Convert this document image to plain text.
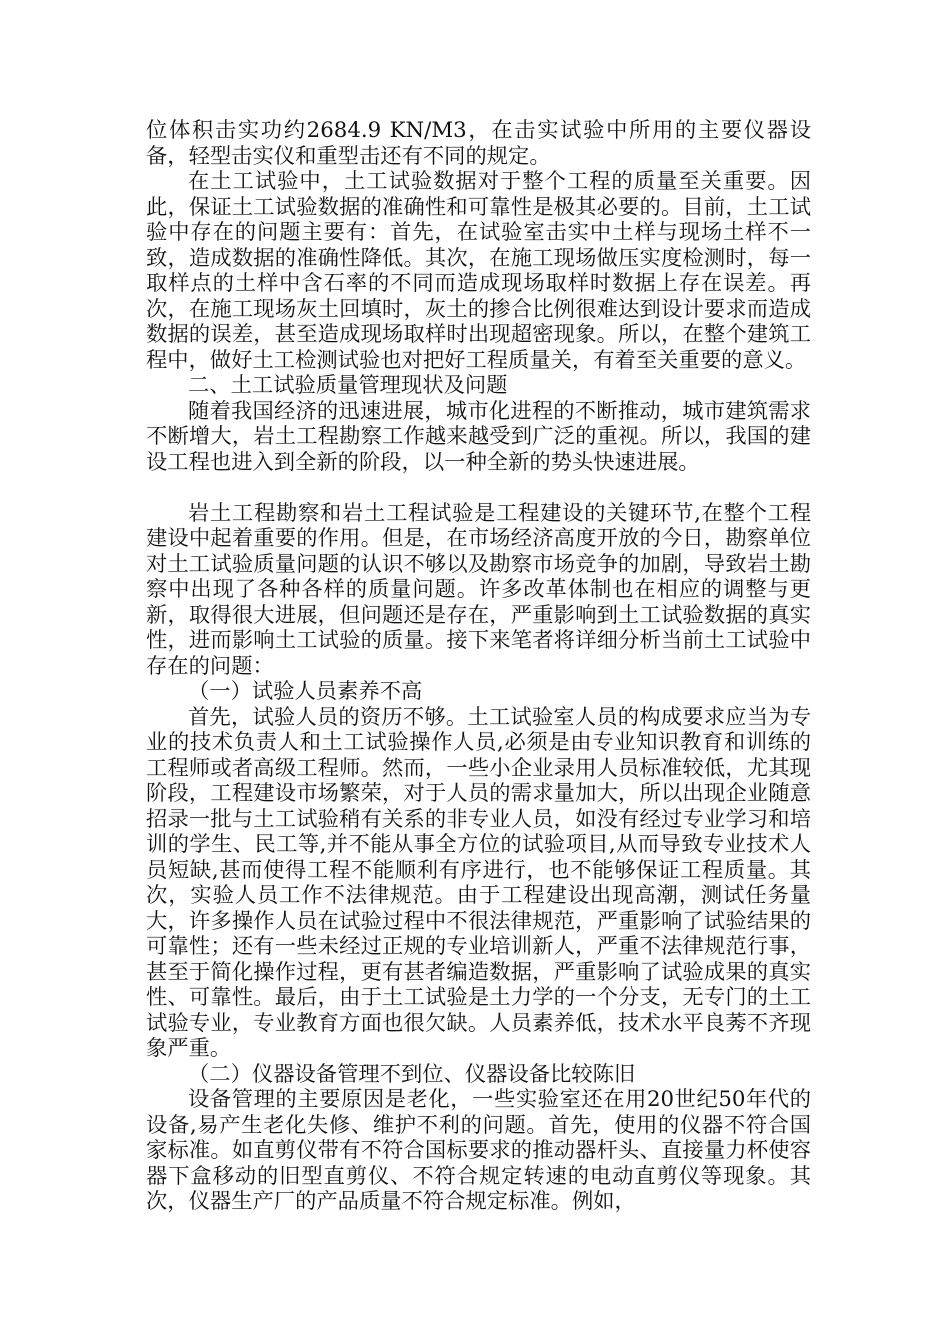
位体积击实功约2684.9 KN/M3，在击实试验中所用的主要仪器设备，轻型击实仪和重型击还有不同的规定。

在土工试验中，土工试验数据对于整个工程的质量至关重要。因此，保证土工试验数据的准确性和可靠性是极其必要的。目前，土工试验中存在的问题主要有：首先，在试验室击实中土样与现场土样不一致，造成数据的准确性降低。其次，在施工现场做压实度检测时，每一取样点的土样中含石率的不同而造成现场取样时数据上存在误差。再次，在施工现场灰土回填时，灰土的掺合比例很难达到设计要求而造成数据的误差，甚至造成现场取样时出现超密现象。所以，在整个建筑工程中，做好土工检测试验也对把好工程质量关，有着至关重要的意义。

二、土工试验质量管理现状及问题

随着我国经济的迅速进展，城市化进程的不断推动，城市建筑需求不断增大，岩土工程勘察工作越来越受到广泛的重视。所以，我国的建设工程也进入到全新的阶段，以一种全新的势头快速进展。

岩土工程勘察和岩土工程试验是工程建设的关键环节,在整个工程建设中起着重要的作用。但是，在市场经济高度开放的今日，勘察单位对土工试验质量问题的认识不够以及勘察市场竞争的加剧，导致岩土勘察中出现了各种各样的质量问题。许多改革体制也在相应的调整与更新，取得很大进展，但问题还是存在，严重影响到土工试验数据的真实性，进而影响土工试验的质量。接下来笔者将详细分析当前土工试验中存在的问题：

（一）试验人员素养不高

首先，试验人员的资历不够。土工试验室人员的构成要求应当为专业的技术负责人和土工试验操作人员,必须是由专业知识教育和训练的工程师或者高级工程师。然而，一些小企业录用人员标准较低，尤其现阶段，工程建设市场繁荣，对于人员的需求量加大，所以出现企业随意招录一批与土工试验稍有关系的非专业人员，如没有经过专业学习和培训的学生、民工等,并不能从事全方位的试验项目,从而导致专业技术人员短缺,甚而使得工程不能顺利有序进行，也不能够保证工程质量。其次，实验人员工作不法律规范。由于工程建设出现高潮，测试任务量大，许多操作人员在试验过程中不很法律规范，严重影响了试验结果的可靠性；还有一些未经过正规的专业培训新人，严重不法律规范行事，甚至于简化操作过程，更有甚者编造数据，严重影响了试验成果的真实性、可靠性。最后，由于土工试验是土力学的一个分支，无专门的土工试验专业，专业教育方面也很欠缺。人员素养低，技术水平良莠不齐现象严重。

（二）仪器设备管理不到位、仪器设备比较陈旧

设备管理的主要原因是老化，一些实验室还在用20世纪50年代的设备,易产生老化失修、维护不利的问题。首先，使用的仪器不符合国家标准。如直剪仪带有不符合国标要求的推动器杆头、直接量力杯使容器下盒移动的旧型直剪仪、不符合规定转速的电动直剪仪等现象。其次，仪器生产厂的产品质量不符合规定标准。例如，
